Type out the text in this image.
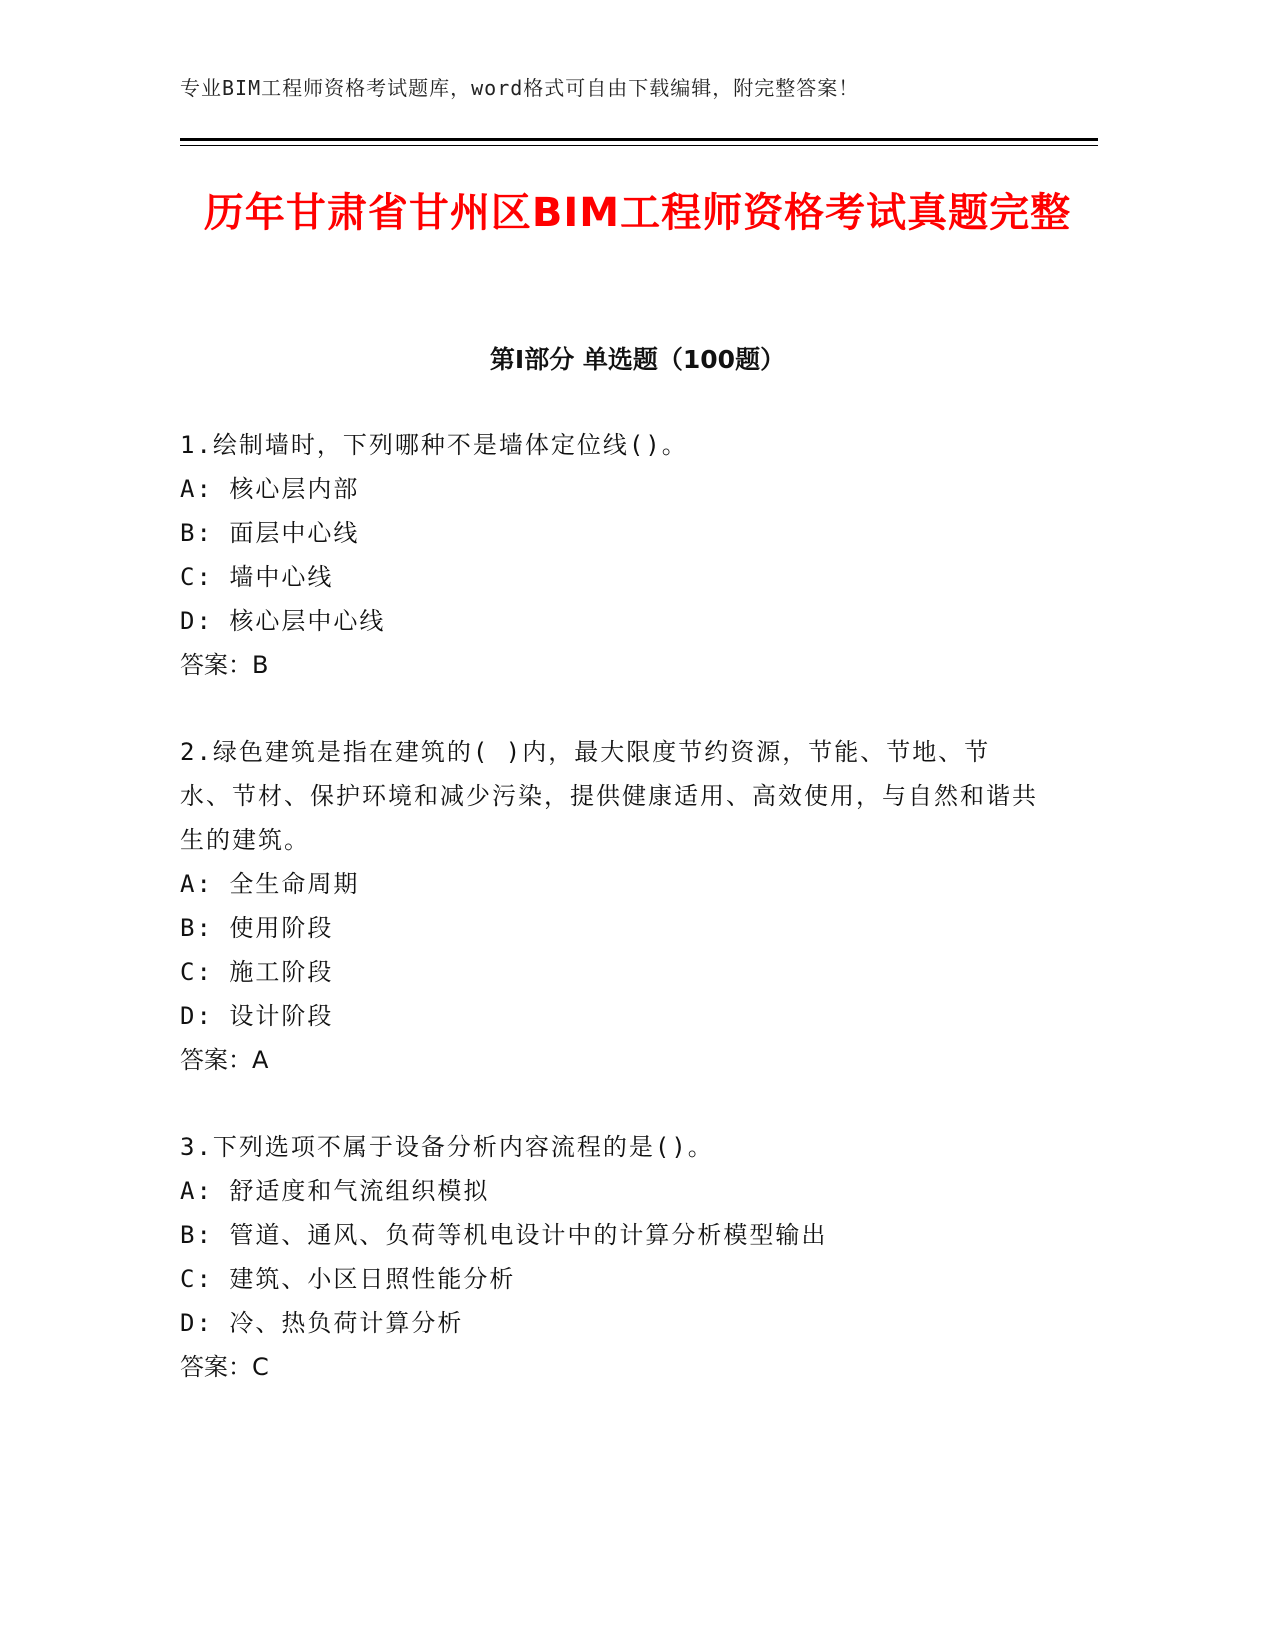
专业BIM工程师资格考试题库，word格式可自由下载编辑，附完整答案！
历年甘肃省甘州区BIM工程师资格考试真题完整
第Ⅰ部分 单选题（100题）
1.绘制墙时，下列哪种不是墙体定位线()。
A: 核心层内部
B: 面层中心线
C: 墙中心线
D: 核心层中心线
答案：B
2.绿色建筑是指在建筑的( )内，最大限度节约资源，节能、节地、节水、节材、保护环境和减少污染，提供健康适用、高效使用，与自然和谐共生的建筑。
A: 全生命周期
B: 使用阶段
C: 施工阶段
D: 设计阶段
答案：A
3.下列选项不属于设备分析内容流程的是()。
A: 舒适度和气流组织模拟
B: 管道、通风、负荷等机电设计中的计算分析模型输出
C: 建筑、小区日照性能分析
D: 冷、热负荷计算分析
答案：C
